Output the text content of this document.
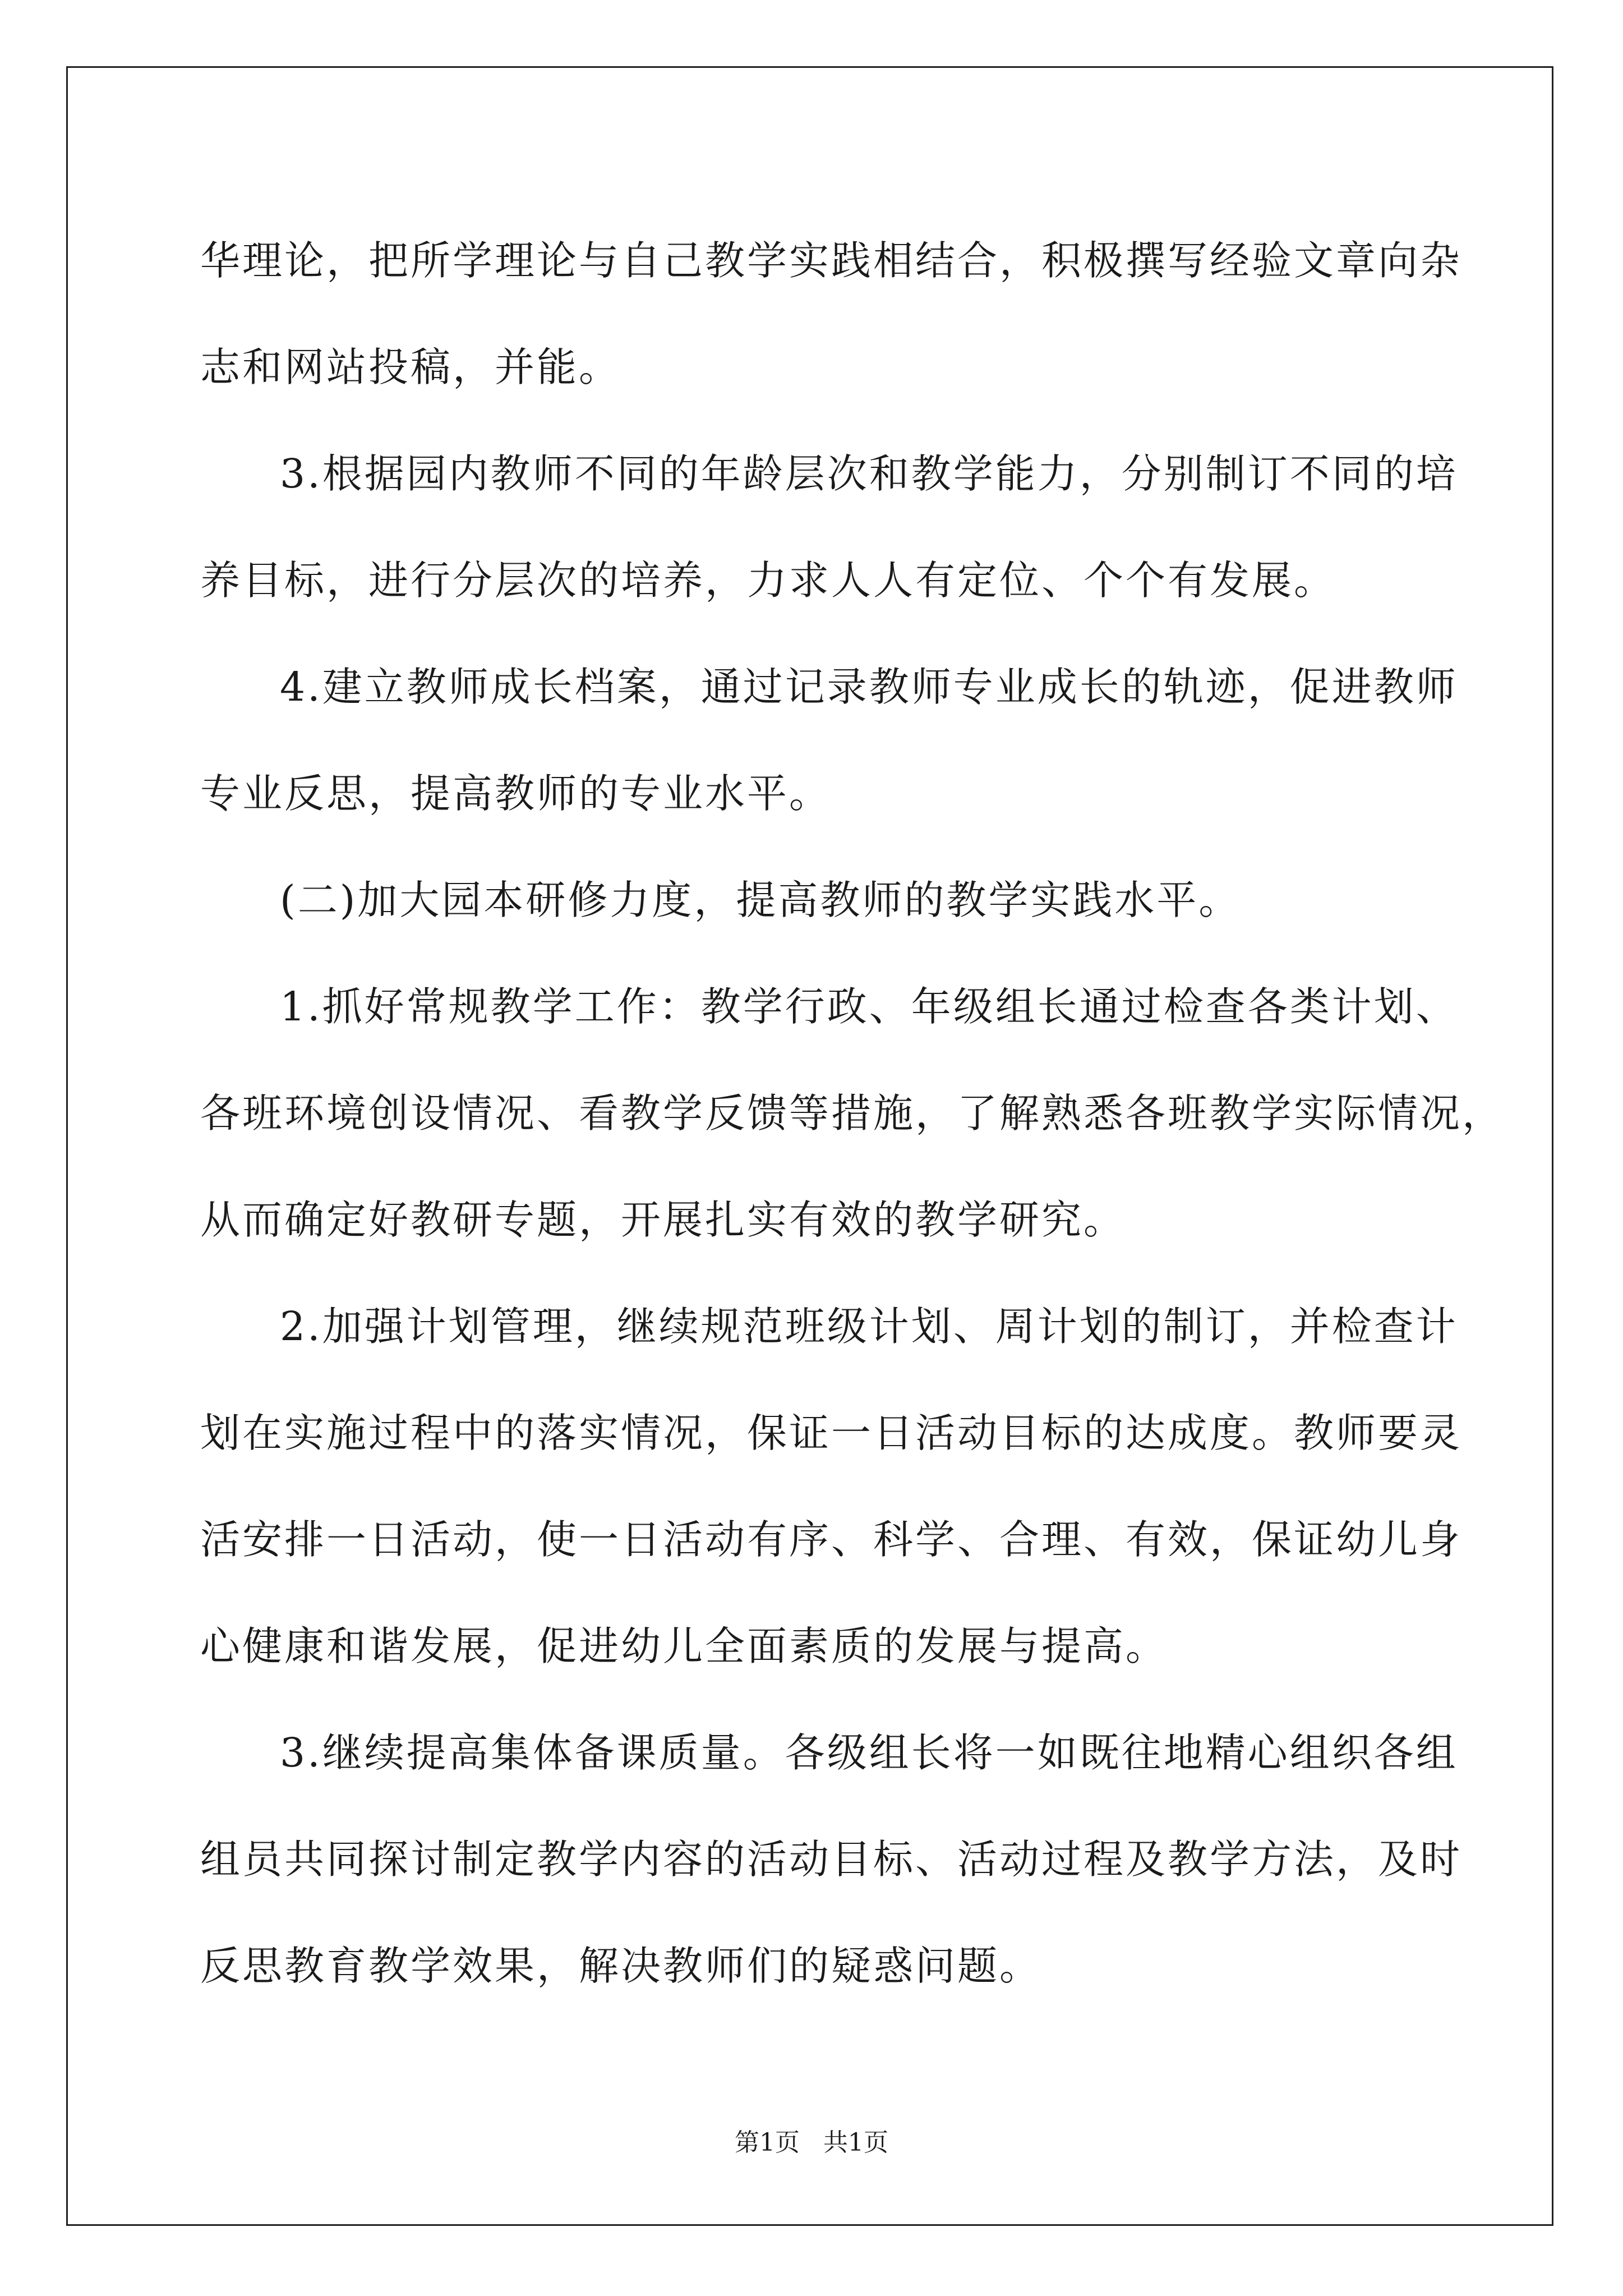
华理论，把所学理论与自己教学实践相结合，积极撰写经验文章向杂
志和网站投稿，并能。
3.根据园内教师不同的年龄层次和教学能力，分别制订不同的培
养目标，进行分层次的培养，力求人人有定位、个个有发展。
4.建立教师成长档案，通过记录教师专业成长的轨迹，促进教师
专业反思，提高教师的专业水平。
(二)加大园本研修力度，提高教师的教学实践水平。
1.抓好常规教学工作：教学行政、年级组长通过检查各类计划、
各班环境创设情况、看教学反馈等措施，了解熟悉各班教学实际情况，
从而确定好教研专题，开展扎实有效的教学研究。
2.加强计划管理，继续规范班级计划、周计划的制订，并检查计
划在实施过程中的落实情况，保证一日活动目标的达成度。教师要灵
活安排一日活动，使一日活动有序、科学、合理、有效，保证幼儿身
心健康和谐发展，促进幼儿全面素质的发展与提高。
3.继续提高集体备课质量。各级组长将一如既往地精心组织各组
组员共同探讨制定教学内容的活动目标、活动过程及教学方法，及时
反思教育教学效果，解决教师们的疑惑问题。
第1页   共1页
